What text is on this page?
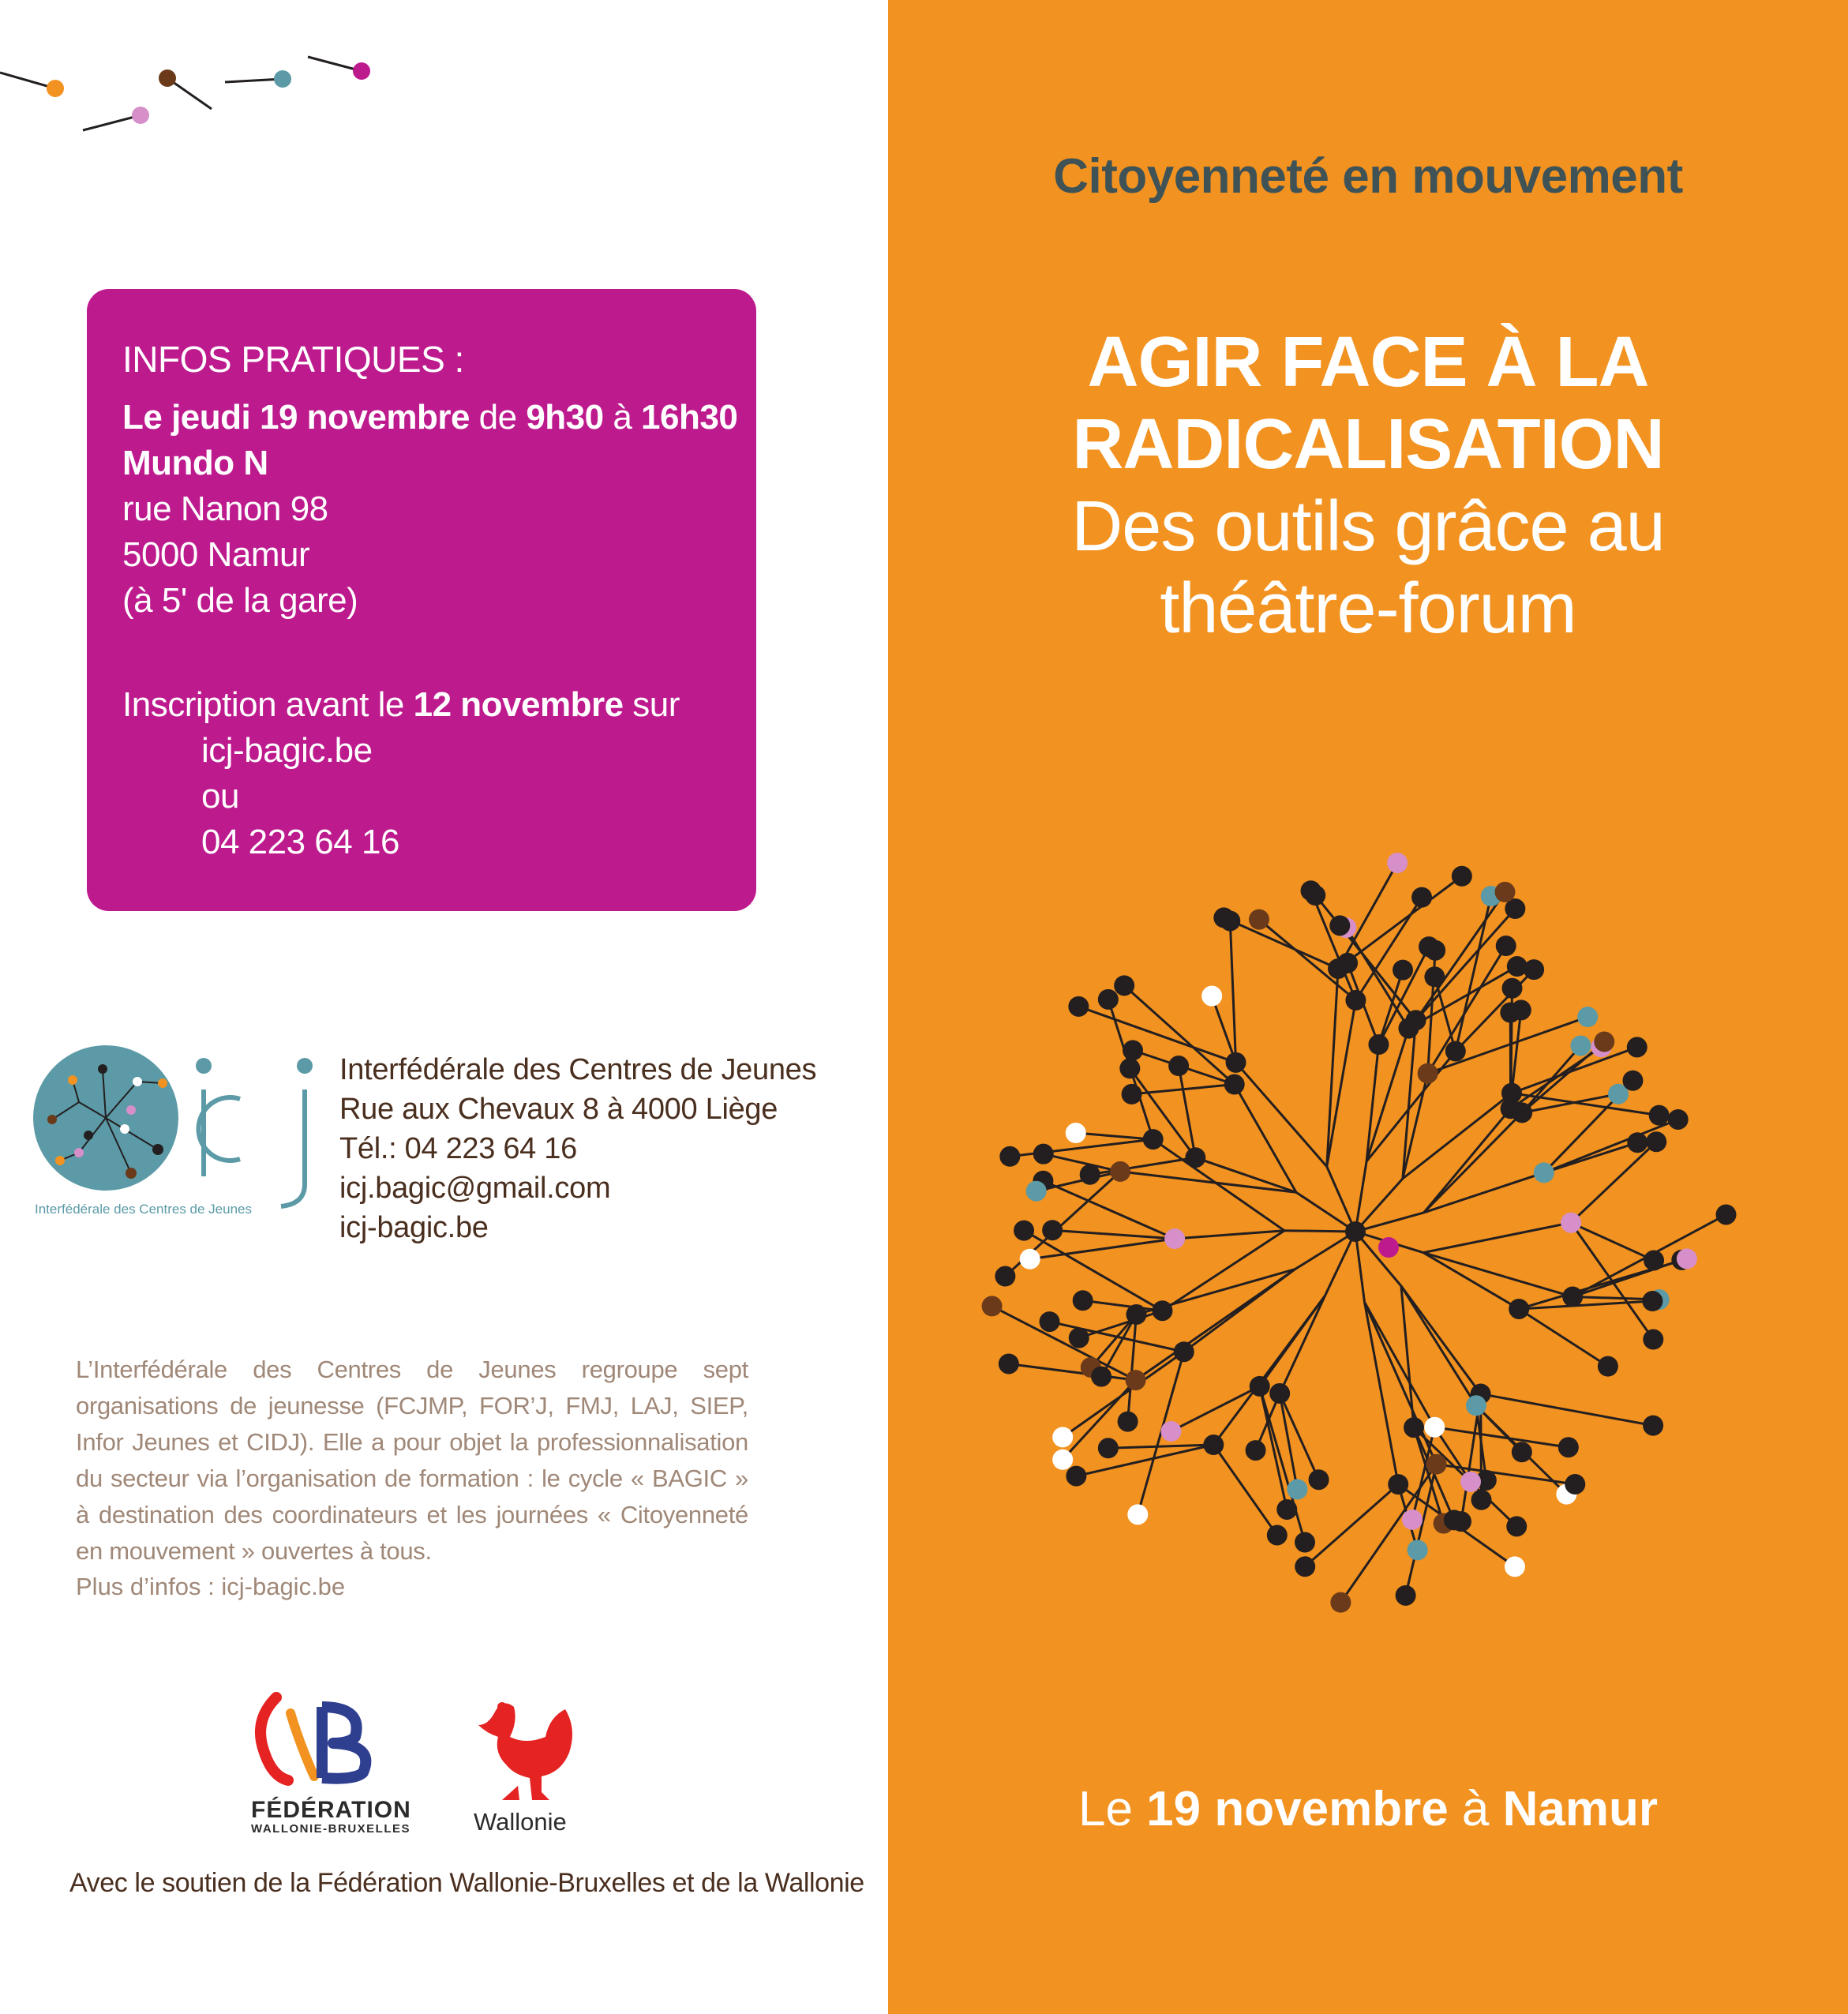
INFOS PRATIQUES :
Le jeudi 19 novembre de 9h30 à 16h30
Mundo N
rue Nanon 98
5000 Namur
(à 5' de la gare)
Inscription avant le 12 novembre sur
icj-bagic.be
ou
04 223 64 16
Interfédérale des Centres de Jeunes
Interfédérale des Centres de Jeunes
Rue aux Chevaux 8 à 4000 Liège
Tél.: 04 223 64 16
icj.bagic@gmail.com
icj-bagic.be
L’Interfédérale des Centres de Jeunes regroupe sept organisations de jeunesse (FCJMP, FOR’J, FMJ, LAJ, SIEP, Infor Jeunes et CIDJ). Elle a pour objet la professionnalisation du secteur via l’organisation de formation : le cycle « BAGIC » à destination des coordinateurs et les journées « Citoyenneté en mouvement » ouvertes à tous.
Plus d’infos : icj-bagic.be
FÉDÉRATION
WALLONIE-BRUXELLES	Wallonie
Avec le soutien de la Fédération Wallonie-Bruxelles et de la Wallonie
Citoyenneté en mouvement
AGIR FACE À LA
RADICALISATION
Des outils grâce au
théâtre-forum
Le 19 novembre à Namur
